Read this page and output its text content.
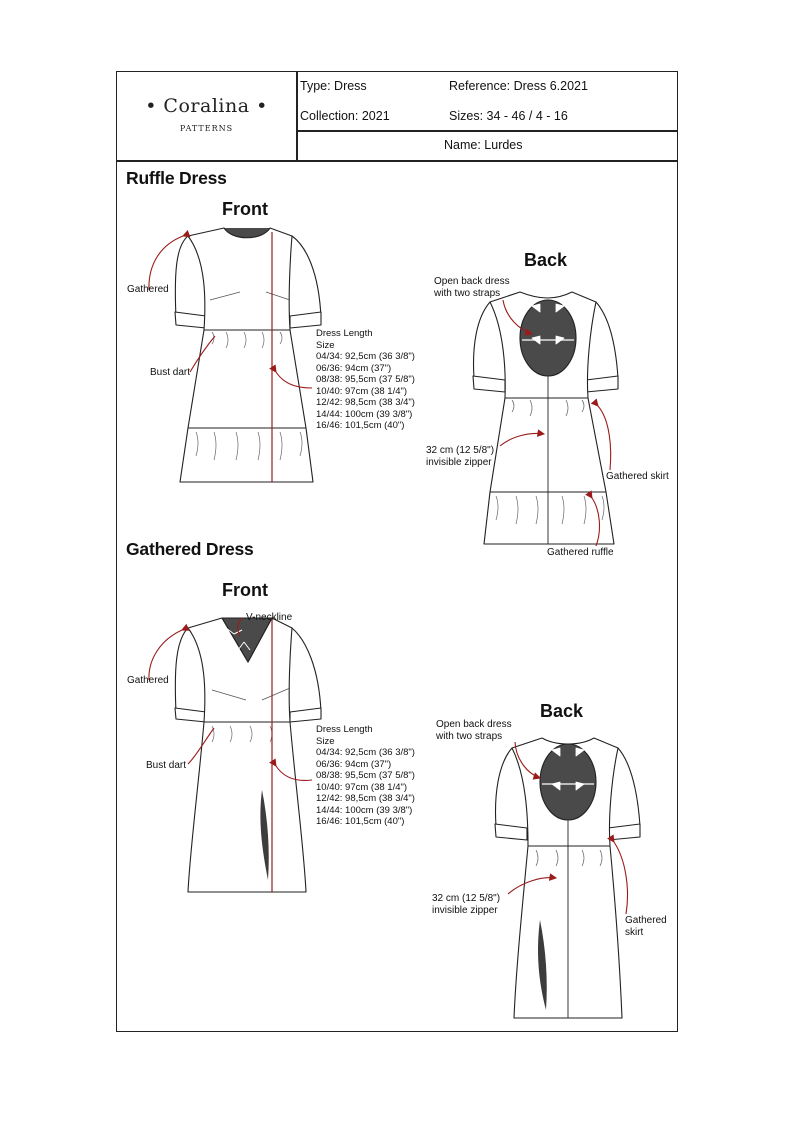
• Coralina •
PATTERNS
Type: Dress	Reference: Dress 6.2021
Collection: 2021	Sizes: 34 - 46 / 4 - 16
Name: Lurdes
Ruffle Dress
Front
Back
Gathered
Bust dart
Dress Length
Size
04/34: 92,5cm (36 3/8")
06/36: 94cm (37")
08/38: 95,5cm (37 5/8")
10/40: 97cm (38 1/4")
12/42: 98,5cm (38 3/4")
14/44: 100cm (39 3/8")
16/46: 101,5cm (40")
Open back dress
with two straps
32 cm (12 5/8")
invisible zipper
Gathered skirt
Gathered ruffle
Gathered Dress
Front
Back
V-neckline
Gathered
Bust dart
Dress Length
Size
04/34: 92,5cm (36 3/8")
06/36: 94cm (37")
08/38: 95,5cm (37 5/8")
10/40: 97cm (38 1/4")
12/42: 98,5cm (38 3/4")
14/44: 100cm (39 3/8")
16/46: 101,5cm (40")
Open back dress
with two straps
32 cm (12 5/8")
invisible zipper
Gathered
skirt
